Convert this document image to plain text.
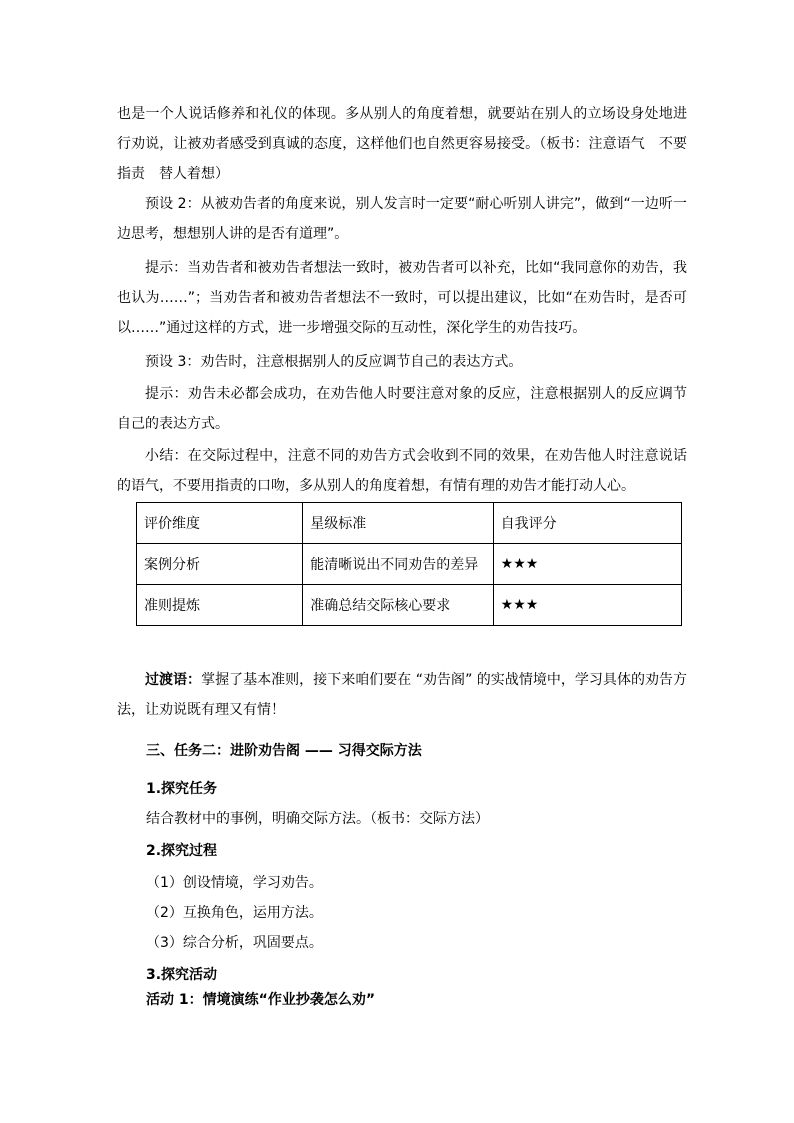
也是一个人说话修养和礼仪的体现。多从别人的角度着想，就要站在别人的立场设身处地进行劝说，让被劝者感受到真诚的态度，这样他们也自然更容易接受。（板书：注意语气　不要指责　替人着想）

预设 2：从被劝告者的角度来说，别人发言时一定要“耐心听别人讲完”，做到“一边听一边思考，想想别人讲的是否有道理”。

提示：当劝告者和被劝告者想法一致时，被劝告者可以补充，比如“我同意你的劝告，我也认为……”；当劝告者和被劝告者想法不一致时，可以提出建议，比如“在劝告时，是否可以……”通过这样的方式，进一步增强交际的互动性，深化学生的劝告技巧。

预设 3：劝告时，注意根据别人的反应调节自己的表达方式。

提示：劝告未必都会成功，在劝告他人时要注意对象的反应，注意根据别人的反应调节自己的表达方式。

小结：在交际过程中，注意不同的劝告方式会收到不同的效果，在劝告他人时注意说话的语气，不要用指责的口吻，多从别人的角度着想，有情有理的劝告才能打动人心。

评价维度	星级标准	自我评分
案例分析	能清晰说出不同劝告的差异	★★★
准则提炼	准确总结交际核心要求	★★★

过渡语：掌握了基本准则，接下来咱们要在 “劝告阁” 的实战情境中，学习具体的劝告方法，让劝说既有理又有情！

三、任务二：进阶劝告阁 —— 习得交际方法

1.探究任务

结合教材中的事例，明确交际方法。（板书：交际方法）

2.探究过程

（1）创设情境，学习劝告。

（2）互换角色，运用方法。

（3）综合分析，巩固要点。

3.探究活动

活动 1：情境演练“作业抄袭怎么劝”
